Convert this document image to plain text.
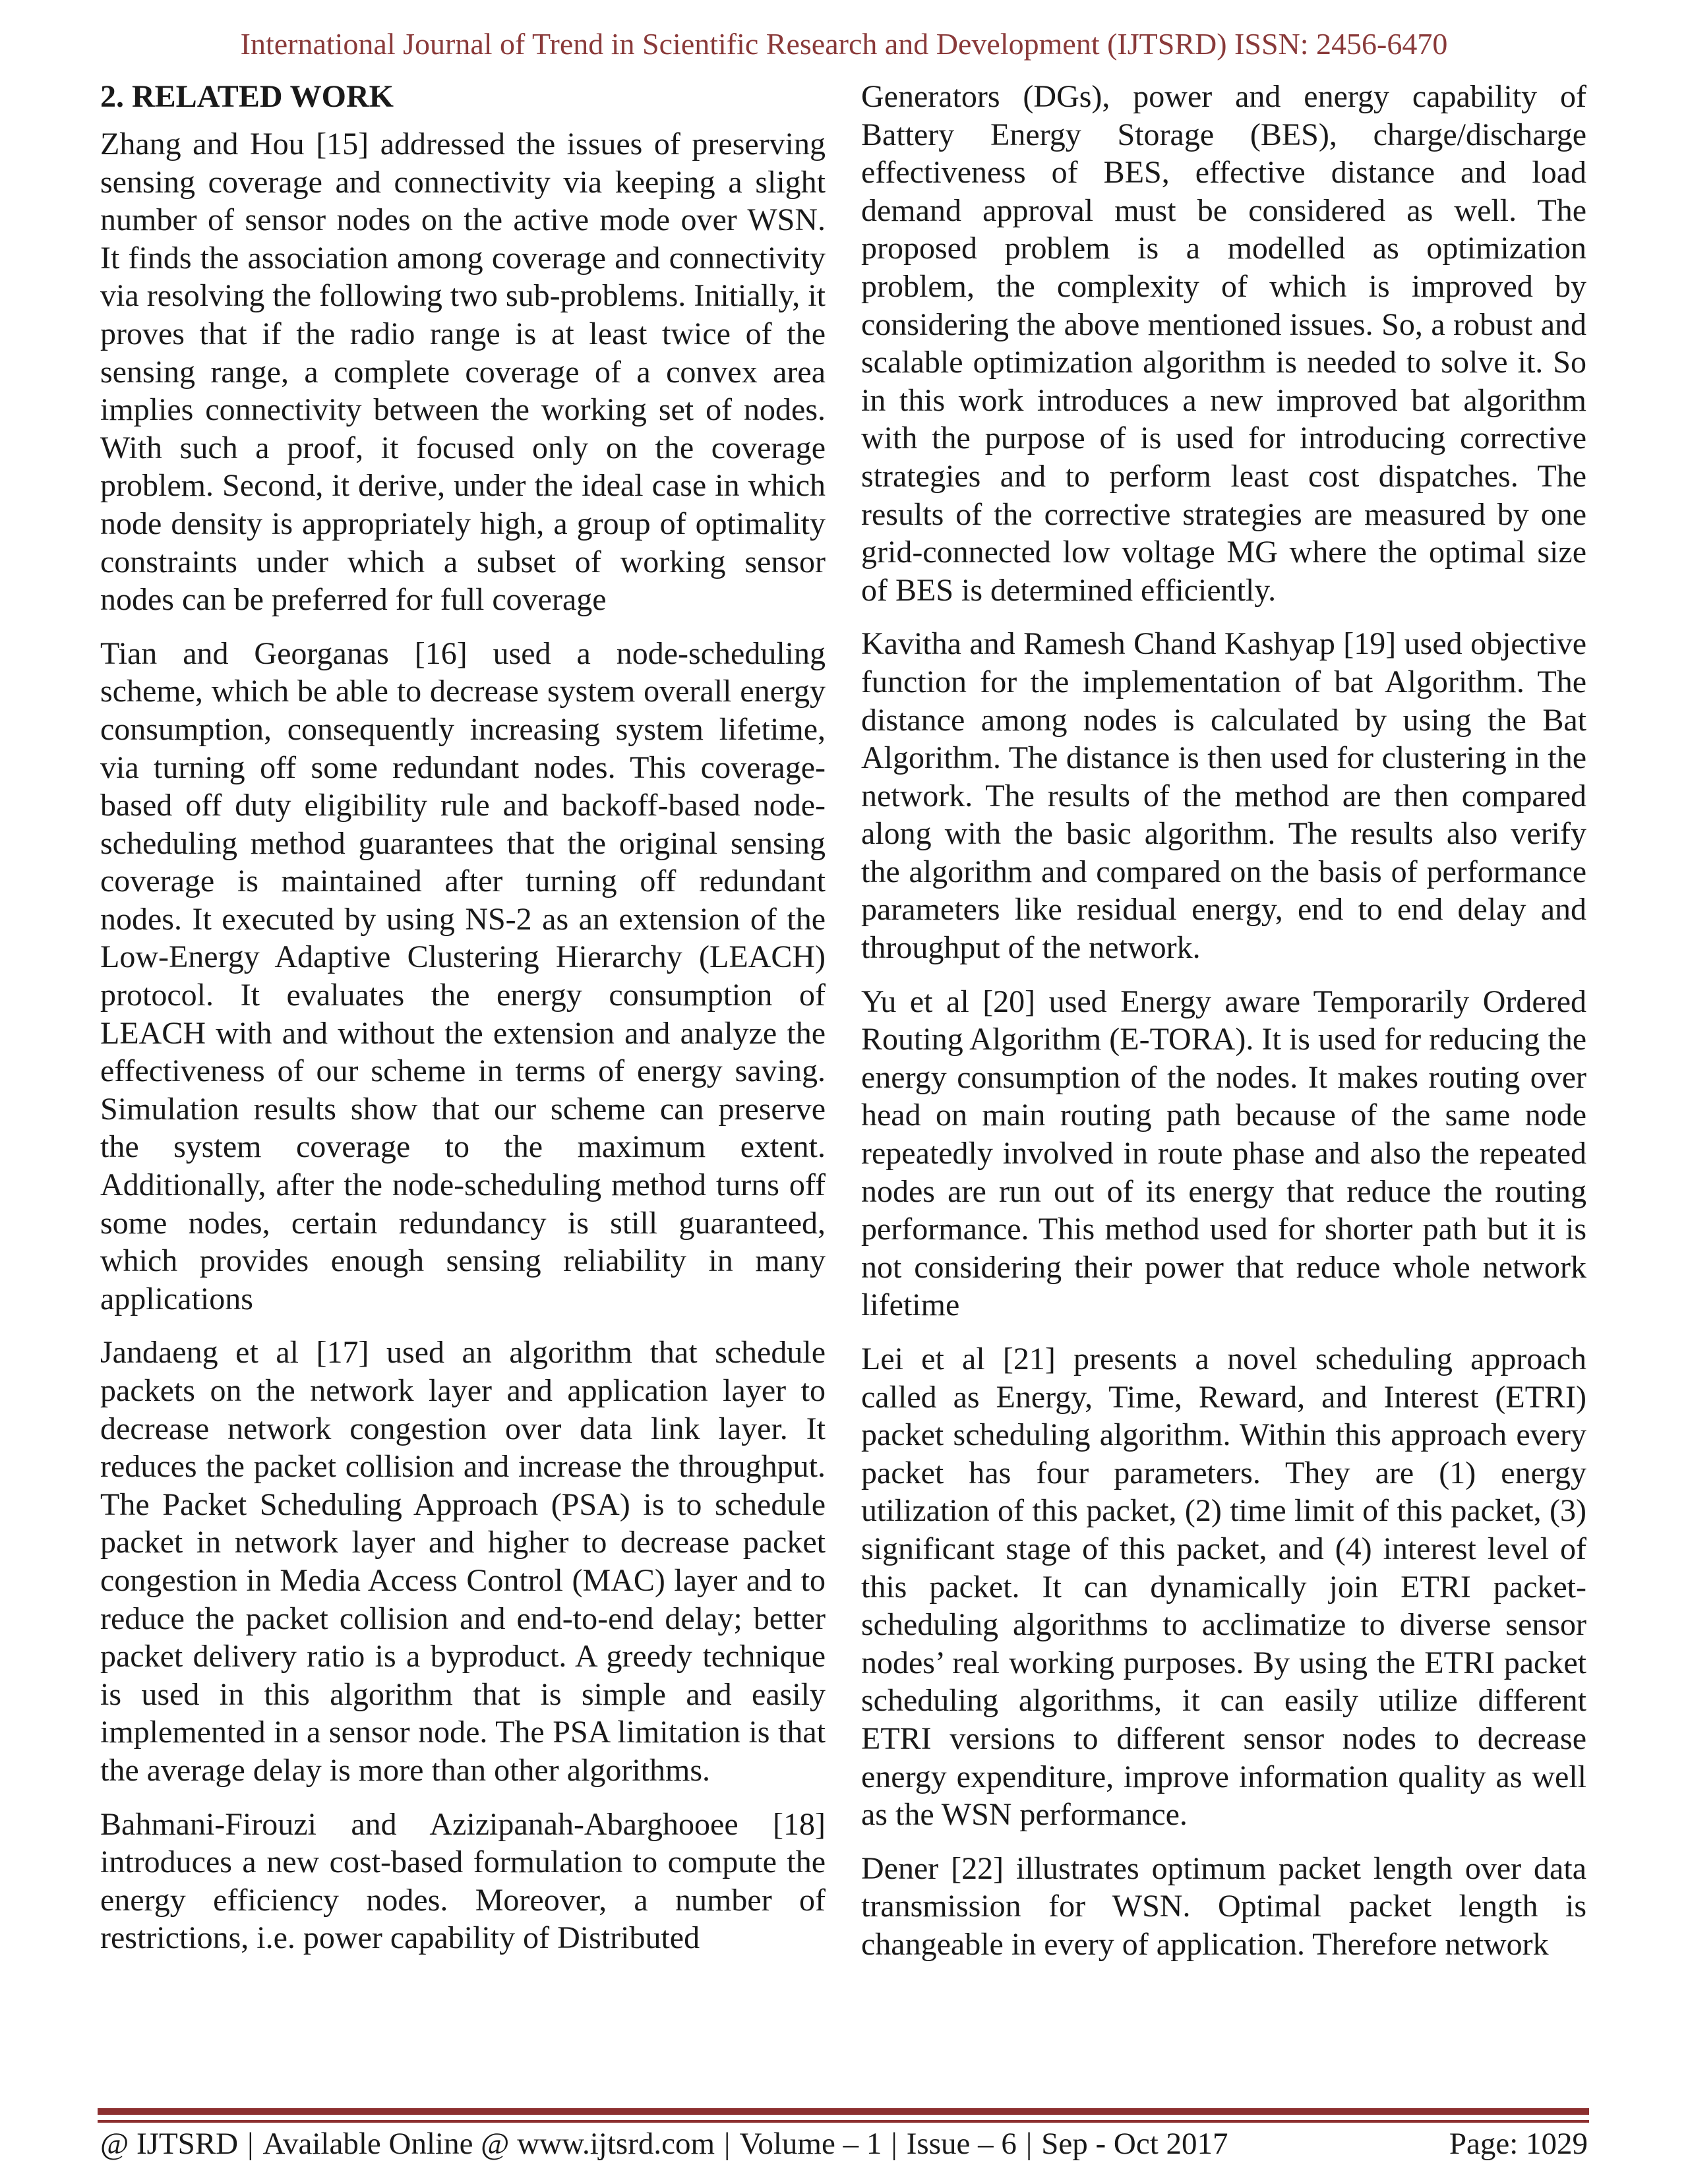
International Journal of Trend in Scientific Research and Development (IJTSRD) ISSN: 2456-6470
2. RELATED WORK

Zhang and Hou [15] addressed the issues of preserving sensing coverage and connectivity via keeping a slight number of sensor nodes on the active mode over WSN. It finds the association among coverage and connectivity via resolving the following two sub-problems. Initially, it proves that if the radio range is at least twice of the sensing range, a complete coverage of a convex area implies connectivity between the working set of nodes. With such a proof, it focused only on the coverage problem. Second, it derive, under the ideal case in which node density is appropriately high, a group of optimality constraints under which a subset of working sensor nodes can be preferred for full coverage

Tian and Georganas [16] used a node-scheduling scheme, which be able to decrease system overall energy consumption, consequently increasing system lifetime, via turning off some redundant nodes. This coverage-based off duty eligibility rule and backoff-based node-scheduling method guarantees that the original sensing coverage is maintained after turning off redundant nodes. It executed by using NS-2 as an extension of the Low-Energy Adaptive Clustering Hierarchy (LEACH) protocol. It evaluates the energy consumption of LEACH with and without the extension and analyze the effectiveness of our scheme in terms of energy saving. Simulation results show that our scheme can preserve the system coverage to the maximum extent. Additionally, after the node-scheduling method turns off some nodes, certain redundancy is still guaranteed, which provides enough sensing reliability in many applications

Jandaeng et al [17] used an algorithm that schedule packets on the network layer and application layer to decrease network congestion over data link layer. It reduces the packet collision and increase the throughput. The Packet Scheduling Approach (PSA) is to schedule packet in network layer and higher to decrease packet congestion in Media Access Control (MAC) layer and to reduce the packet collision and end-to-end delay; better packet delivery ratio is a byproduct. A greedy technique is used in this algorithm that is simple and easily implemented in a sensor node. The PSA limitation is that the average delay is more than other algorithms.

Bahmani-Firouzi and Azizipanah-Abarghooee [18] introduces a new cost-based formulation to compute the energy efficiency nodes. Moreover, a number of restrictions, i.e. power capability of Distributed

Generators (DGs), power and energy capability of Battery Energy Storage (BES), charge/discharge effectiveness of BES, effective distance and load demand approval must be considered as well. The proposed problem is a modelled as optimization problem, the complexity of which is improved by considering the above mentioned issues. So, a robust and scalable optimization algorithm is needed to solve it. So in this work introduces a new improved bat algorithm with the purpose of is used for introducing corrective strategies and to perform least cost dispatches. The results of the corrective strategies are measured by one grid-connected low voltage MG where the optimal size of BES is determined efficiently.

Kavitha and Ramesh Chand Kashyap [19] used objective function for the implementation of bat Algorithm. The distance among nodes is calculated by using the Bat Algorithm. The distance is then used for clustering in the network. The results of the method are then compared along with the basic algorithm. The results also verify the algorithm and compared on the basis of performance parameters like residual energy, end to end delay and throughput of the network.

Yu et al [20] used Energy aware Temporarily Ordered Routing Algorithm (E-TORA). It is used for reducing the energy consumption of the nodes. It makes routing over head on main routing path because of the same node repeatedly involved in route phase and also the repeated nodes are run out of its energy that reduce the routing performance. This method used for shorter path but it is not considering their power that reduce whole network lifetime

Lei et al [21] presents a novel scheduling approach called as Energy, Time, Reward, and Interest (ETRI) packet scheduling algorithm. Within this approach every packet has four parameters. They are (1) energy utilization of this packet, (2) time limit of this packet, (3) significant stage of this packet, and (4) interest level of this packet. It can dynamically join ETRI packet-scheduling algorithms to acclimatize to diverse sensor nodes’ real working purposes. By using the ETRI packet scheduling algorithms, it can easily utilize different ETRI versions to different sensor nodes to decrease energy expenditure, improve information quality as well as the WSN performance.

Dener [22] illustrates optimum packet length over data transmission for WSN. Optimal packet length is changeable in every of application. Therefore network

@ IJTSRD | Available Online @ www.ijtsrd.com | Volume – 1 | Issue – 6 | Sep - Oct 2017	Page: 1029
